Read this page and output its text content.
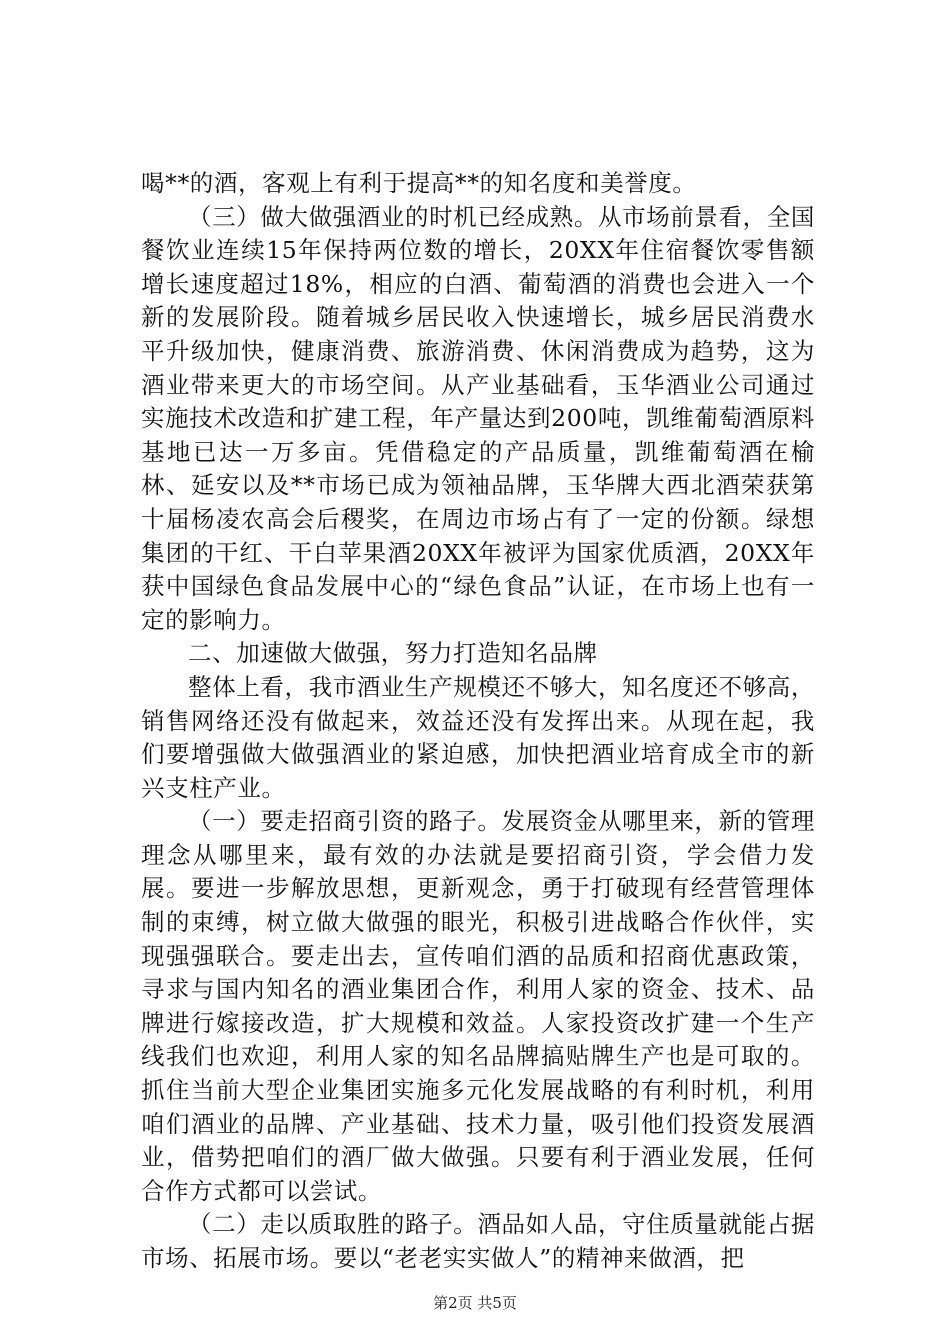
喝**的酒，客观上有利于提高**的知名度和美誉度。

（三）做大做强酒业的时机已经成熟。从市场前景看，全国餐饮业连续15年保持两位数的增长，20XX年住宿餐饮零售额增长速度超过18%，相应的白酒、葡萄酒的消费也会进入一个新的发展阶段。随着城乡居民收入快速增长，城乡居民消费水平升级加快，健康消费、旅游消费、休闲消费成为趋势，这为酒业带来更大的市场空间。从产业基础看，玉华酒业公司通过实施技术改造和扩建工程，年产量达到200吨，凯维葡萄酒原料基地已达一万多亩。凭借稳定的产品质量，凯维葡萄酒在榆林、延安以及**市场已成为领袖品牌，玉华牌大西北酒荣获第十届杨凌农高会后稷奖，在周边市场占有了一定的份额。绿想集团的干红、干白苹果酒20XX年被评为国家优质酒，20XX年获中国绿色食品发展中心的“绿色食品”认证，在市场上也有一定的影响力。

二、加速做大做强，努力打造知名品牌

整体上看，我市酒业生产规模还不够大，知名度还不够高，销售网络还没有做起来，效益还没有发挥出来。从现在起，我们要增强做大做强酒业的紧迫感，加快把酒业培育成全市的新兴支柱产业。

（一）要走招商引资的路子。发展资金从哪里来，新的管理理念从哪里来，最有效的办法就是要招商引资，学会借力发展。要进一步解放思想，更新观念，勇于打破现有经营管理体制的束缚，树立做大做强的眼光，积极引进战略合作伙伴，实现强强联合。要走出去，宣传咱们酒的品质和招商优惠政策，寻求与国内知名的酒业集团合作，利用人家的资金、技术、品牌进行嫁接改造，扩大规模和效益。人家投资改扩建一个生产线我们也欢迎，利用人家的知名品牌搞贴牌生产也是可取的。抓住当前大型企业集团实施多元化发展战略的有利时机，利用咱们酒业的品牌、产业基础、技术力量，吸引他们投资发展酒业，借势把咱们的酒厂做大做强。只要有利于酒业发展，任何合作方式都可以尝试。

（二）走以质取胜的路子。酒品如人品，守住质量就能占据市场、拓展市场。要以“老老实实做人”的精神来做酒，把

第2页 共5页
